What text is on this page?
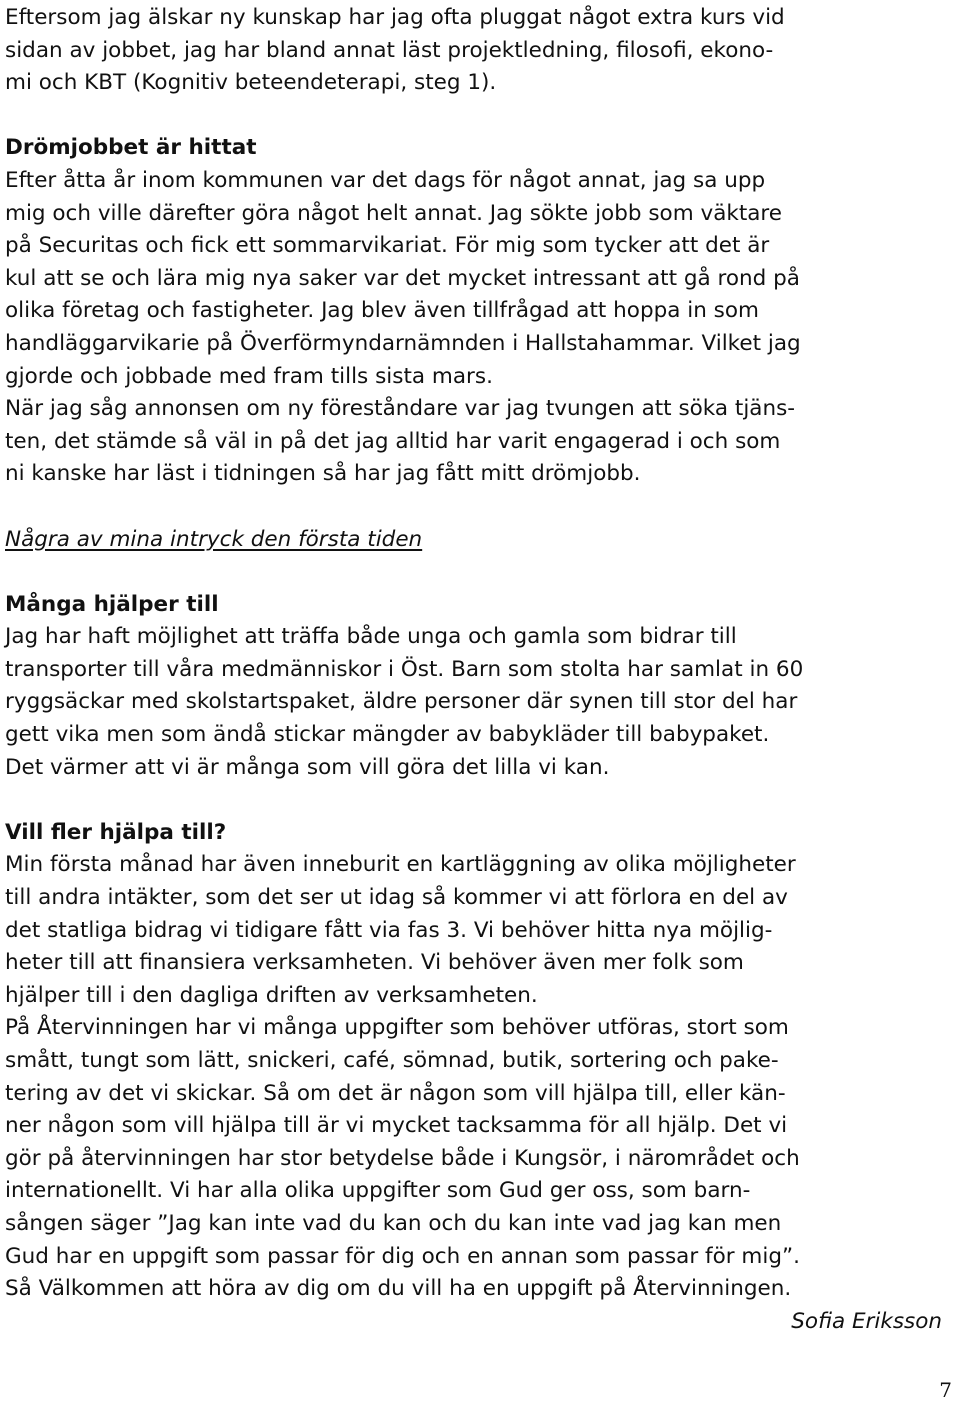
Eftersom jag älskar ny kunskap har jag ofta pluggat något extra kurs vid
sidan av jobbet, jag har bland annat läst projektledning, filosofi, ekono-
mi och KBT (Kognitiv beteendeterapi, steg 1).
Drömjobbet är hittat
Efter åtta år inom kommunen var det dags för något annat, jag sa upp
mig och ville därefter göra något helt annat. Jag sökte jobb som väktare
på Securitas och fick ett sommarvikariat. För mig som tycker att det är
kul att se och lära mig nya saker var det mycket intressant att gå rond på
olika företag och fastigheter. Jag blev även tillfrågad att hoppa in som
handläggarvikarie på Överförmyndarnämnden i Hallstahammar. Vilket jag
gjorde och jobbade med fram tills sista mars.
När jag såg annonsen om ny föreståndare var jag tvungen att söka tjäns-
ten, det stämde så väl in på det jag alltid har varit engagerad i och som
ni kanske har läst i tidningen så har jag fått mitt drömjobb.
Några av mina intryck den första tiden
Många hjälper till
Jag har haft möjlighet att träffa både unga och gamla som bidrar till
transporter till våra medmänniskor i Öst. Barn som stolta har samlat in 60
ryggsäckar med skolstartspaket, äldre personer där synen till stor del har
gett vika men som ändå stickar mängder av babykläder till babypaket.
Det värmer att vi är många som vill göra det lilla vi kan.
Vill fler hjälpa till?
Min första månad har även inneburit en kartläggning av olika möjligheter
till andra intäkter, som det ser ut idag så kommer vi att förlora en del av
det statliga bidrag vi tidigare fått via fas 3. Vi behöver hitta nya möjlig-
heter till att finansiera verksamheten. Vi behöver även mer folk som
hjälper till i den dagliga driften av verksamheten.
På Återvinningen har vi många uppgifter som behöver utföras, stort som
smått, tungt som lätt, snickeri, café, sömnad, butik, sortering och pake-
tering av det vi skickar. Så om det är någon som vill hjälpa till, eller kän-
ner någon som vill hjälpa till är vi mycket tacksamma för all hjälp. Det vi
gör på återvinningen har stor betydelse både i Kungsör, i närområdet och
internationellt. Vi har alla olika uppgifter som Gud ger oss, som barn-
sången säger ”Jag kan inte vad du kan och du kan inte vad jag kan men
Gud har en uppgift som passar för dig och en annan som passar för mig”.
Så Välkommen att höra av dig om du vill ha en uppgift på Återvinningen.
Sofia Eriksson
7
